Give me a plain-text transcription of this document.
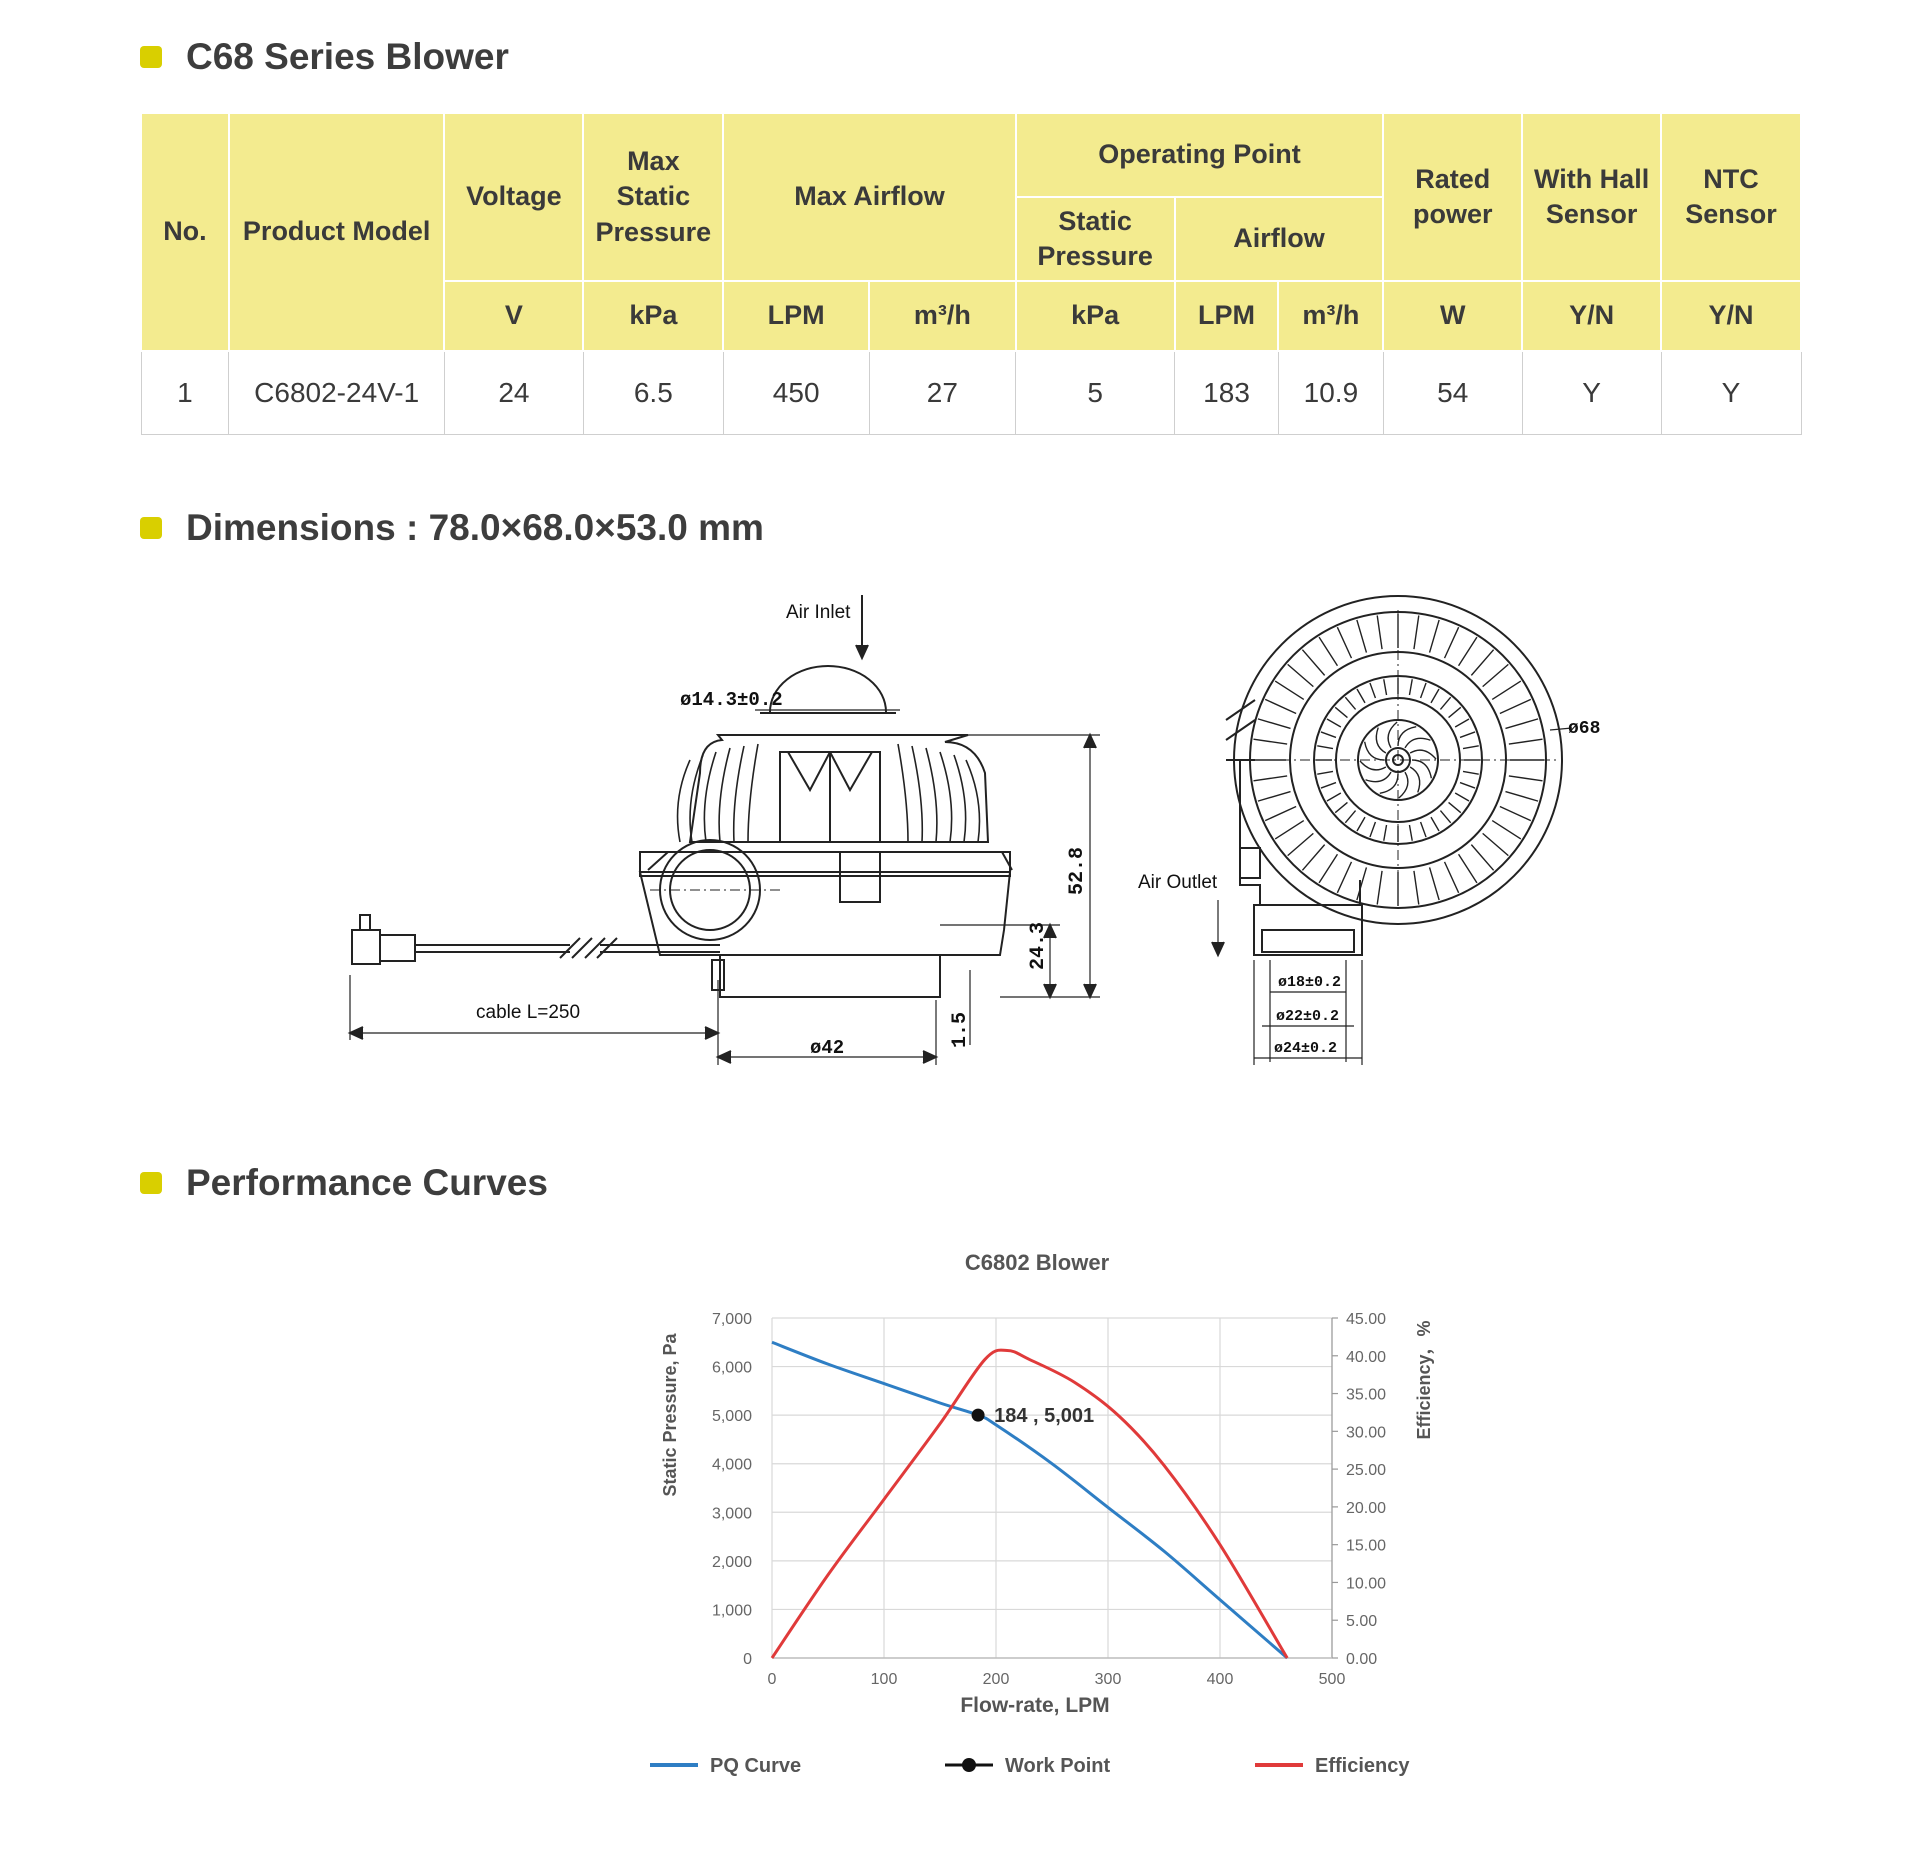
C68 Series Blower
No.	Product Model	Voltage	Max Static Pressure	Max Airflow		Operating Point			Rated power	With Hall Sensor	NTC Sensor
						Static Pressure	Airflow				
		V	kPa	LPM	m³/h	kPa	LPM	m³/h	W	Y/N	Y/N
1	C6802-24V-1	24	6.5	450	27	5	183	10.9	54	Y	Y
Dimensions : 78.0×68.0×53.0 mm
Air Inlet
ø14.3±0.2
52.8
24.3
1.5
ø42
cable L=250
ø68
Air Outlet
ø18±0.2
ø22±0.2
ø24±0.2
Performance Curves
C6802 Blower
0
1,000
2,000
3,000
4,000
5,000
6,000
7,000
0	100	200	300	400	500
0.00
5.00
10.00
15.00
20.00
25.00
30.00
35.00
40.00
45.00
Flow-rate, LPM
Static Pressure, Pa	Efficiency，%
184 , 5,001
PQ Curve	Work Point	Efficiency
